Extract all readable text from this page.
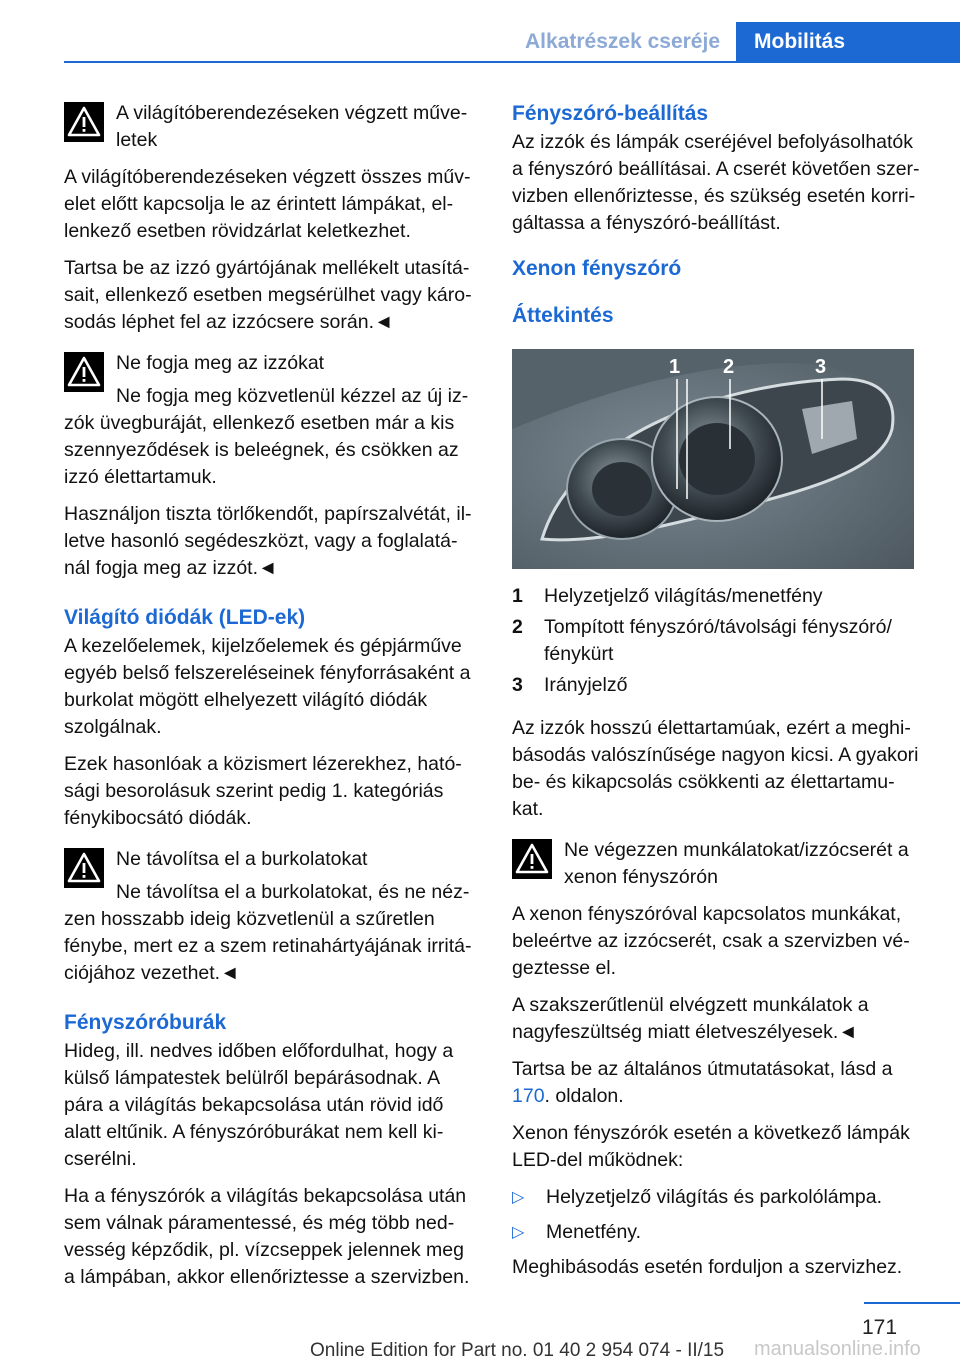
Alkatrészek cseréje	Mobilitás

A világítóberendezéseken végzett műve- letek

A világítóberendezéseken végzett összes műv- elet előtt kapcsolja le az érintett lámpákat, el- lenkező esetben rövidzárlat keletkezhet.

Tartsa be az izzó gyártójának mellékelt utasítá- sait, ellenkező esetben megsérülhet vagy káro- sodás léphet fel az izzócsere során.◄

Ne fogja meg az izzókat

Ne fogja meg közvetlenül kézzel az új iz- zók üvegburáját, ellenkező esetben már a kis szennyeződések is beleégnek, és csökken az izzó élettartamuk.

Használjon tiszta törlőkendőt, papírszalvétát, il- letve hasonló segédeszközt, vagy a foglalatá- nál fogja meg az izzót.◄

Világító diódák (LED-ek)

A kezelőelemek, kijelzőelemek és gépjárműve egyéb belső felszereléseinek fényforrásaként a burkolat mögött elhelyezett világító diódák szolgálnak.

Ezek hasonlóak a közismert lézerekhez, ható- sági besorolásuk szerint pedig 1. kategóriás fénykibocsátó diódák.

Ne távolítsa el a burkolatokat

Ne távolítsa el a burkolatokat, és ne néz- zen hosszabb ideig közvetlenül a szűretlen fénybe, mert ez a szem retinahártyájának irritá- ciójához vezethet.◄

Fényszóróburák

Hideg, ill. nedves időben előfordulhat, hogy a külső lámpatestek belülről bepárásodnak. A pára a világítás bekapcsolása után rövid idő alatt eltűnik. A fényszóróburákat nem kell ki- cserélni.

Ha a fényszórók a világítás bekapcsolása után sem válnak páramentessé, és még több ned- vesség képződik, pl. vízcseppek jelennek meg a lámpában, akkor ellenőriztesse a szervizben.

Fényszóró-beállítás

Az izzók és lámpák cseréjével befolyásolhatók a fényszóró beállításai. A cserét követően szer- vizben ellenőriztesse, és szükség esetén korri- gáltassa a fényszóró-beállítást.

Xenon fényszóró
Áttekintés
1 2	3
1 Helyzetjelző világítás/menetfény
2 Tompított fényszóró/távolsági fényszóró/ fénykürt
3 Irányjelző

Az izzók hosszú élettartamúak, ezért a meghi- básodás valószínűsége nagyon kicsi. A gyakori be- és kikapcsolás csökkenti az élettartamu- kat.

Ne végezzen munkálatokat/izzócserét a xenon fényszórón

A xenon fényszóróval kapcsolatos munkákat, beleértve az izzócserét, csak a szervizben vé- geztesse el.

A szakszerűtlenül elvégzett munkálatok a nagyfeszültség miatt életveszélyesek.◄

Tartsa be az általános útmutatásokat, lásd a 170. oldalon.

Xenon fényszórók esetén a következő lámpák LED-del működnek:

▷ Helyzetjelző világítás és parkolólámpa.
▷ Menetfény.

Meghibásodás esetén forduljon a szervizhez.

171
Online Edition for Part no. 01 40 2 954 074 - II/15 manualsonline.info
